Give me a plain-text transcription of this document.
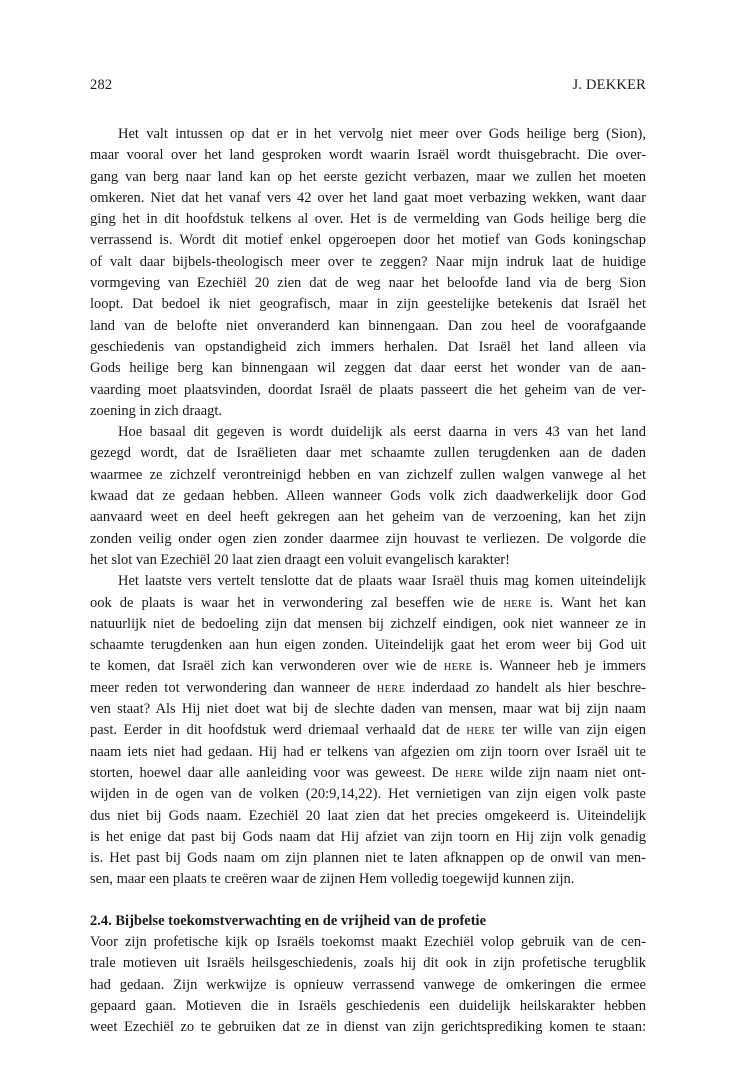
282	J. DEKKER
Het valt intussen op dat er in het vervolg niet meer over Gods heilige berg (Sion),
maar vooral over het land gesproken wordt waarin Israël wordt thuisgebracht. Die over-
gang van berg naar land kan op het eerste gezicht verbazen, maar we zullen het moeten
omkeren. Niet dat het vanaf vers 42 over het land gaat moet verbazing wekken, want daar
ging het in dit hoofdstuk telkens al over. Het is de vermelding van Gods heilige berg die
verrassend is. Wordt dit motief enkel opgeroepen door het motief van Gods koningschap
of valt daar bijbels-theologisch meer over te zeggen? Naar mijn indruk laat de huidige
vormgeving van Ezechiël 20 zien dat de weg naar het beloofde land via de berg Sion
loopt. Dat bedoel ik niet geografisch, maar in zijn geestelijke betekenis dat Israël het
land van de belofte niet onveranderd kan binnengaan. Dan zou heel de voorafgaande
geschiedenis van opstandigheid zich immers herhalen. Dat Israël het land alleen via
Gods heilige berg kan binnengaan wil zeggen dat daar eerst het wonder van de aan-
vaarding moet plaatsvinden, doordat Israël de plaats passeert die het geheim van de ver-
zoening in zich draagt.
Hoe basaal dit gegeven is wordt duidelijk als eerst daarna in vers 43 van het land
gezegd wordt, dat de Israëlieten daar met schaamte zullen terugdenken aan de daden
waarmee ze zichzelf verontreinigd hebben en van zichzelf zullen walgen vanwege al het
kwaad dat ze gedaan hebben. Alleen wanneer Gods volk zich daadwerkelijk door God
aanvaard weet en deel heeft gekregen aan het geheim van de verzoening, kan het zijn
zonden veilig onder ogen zien zonder daarmee zijn houvast te verliezen. De volgorde die
het slot van Ezechiël 20 laat zien draagt een voluit evangelisch karakter!
Het laatste vers vertelt tenslotte dat de plaats waar Israël thuis mag komen uiteindelijk
ook de plaats is waar het in verwondering zal beseffen wie de HERE is. Want het kan
natuurlijk niet de bedoeling zijn dat mensen bij zichzelf eindigen, ook niet wanneer ze in
schaamte terugdenken aan hun eigen zonden. Uiteindelijk gaat het erom weer bij God uit
te komen, dat Israël zich kan verwonderen over wie de HERE is. Wanneer heb je immers
meer reden tot verwondering dan wanneer de HERE inderdaad zo handelt als hier beschre-
ven staat? Als Hij niet doet wat bij de slechte daden van mensen, maar wat bij zijn naam
past. Eerder in dit hoofdstuk werd driemaal verhaald dat de HERE ter wille van zijn eigen
naam iets niet had gedaan. Hij had er telkens van afgezien om zijn toorn over Israël uit te
storten, hoewel daar alle aanleiding voor was geweest. De HERE wilde zijn naam niet ont-
wijden in de ogen van de volken (20:9,14,22). Het vernietigen van zijn eigen volk paste
dus niet bij Gods naam. Ezechiël 20 laat zien dat het precies omgekeerd is. Uiteindelijk
is het enige dat past bij Gods naam dat Hij afziet van zijn toorn en Hij zijn volk genadig
is. Het past bij Gods naam om zijn plannen niet te laten afknappen op de onwil van men-
sen, maar een plaats te creëren waar de zijnen Hem volledig toegewijd kunnen zijn.
2.4. Bijbelse toekomstverwachting en de vrijheid van de profetie
Voor zijn profetische kijk op Israëls toekomst maakt Ezechiël volop gebruik van de cen-
trale motieven uit Israëls heilsgeschiedenis, zoals hij dit ook in zijn profetische terugblik
had gedaan. Zijn werkwijze is opnieuw verrassend vanwege de omkeringen die ermee
gepaard gaan. Motieven die in Israëls geschiedenis een duidelijk heilskarakter hebben
weet Ezechiël zo te gebruiken dat ze in dienst van zijn gerichtsprediking komen te staan:
